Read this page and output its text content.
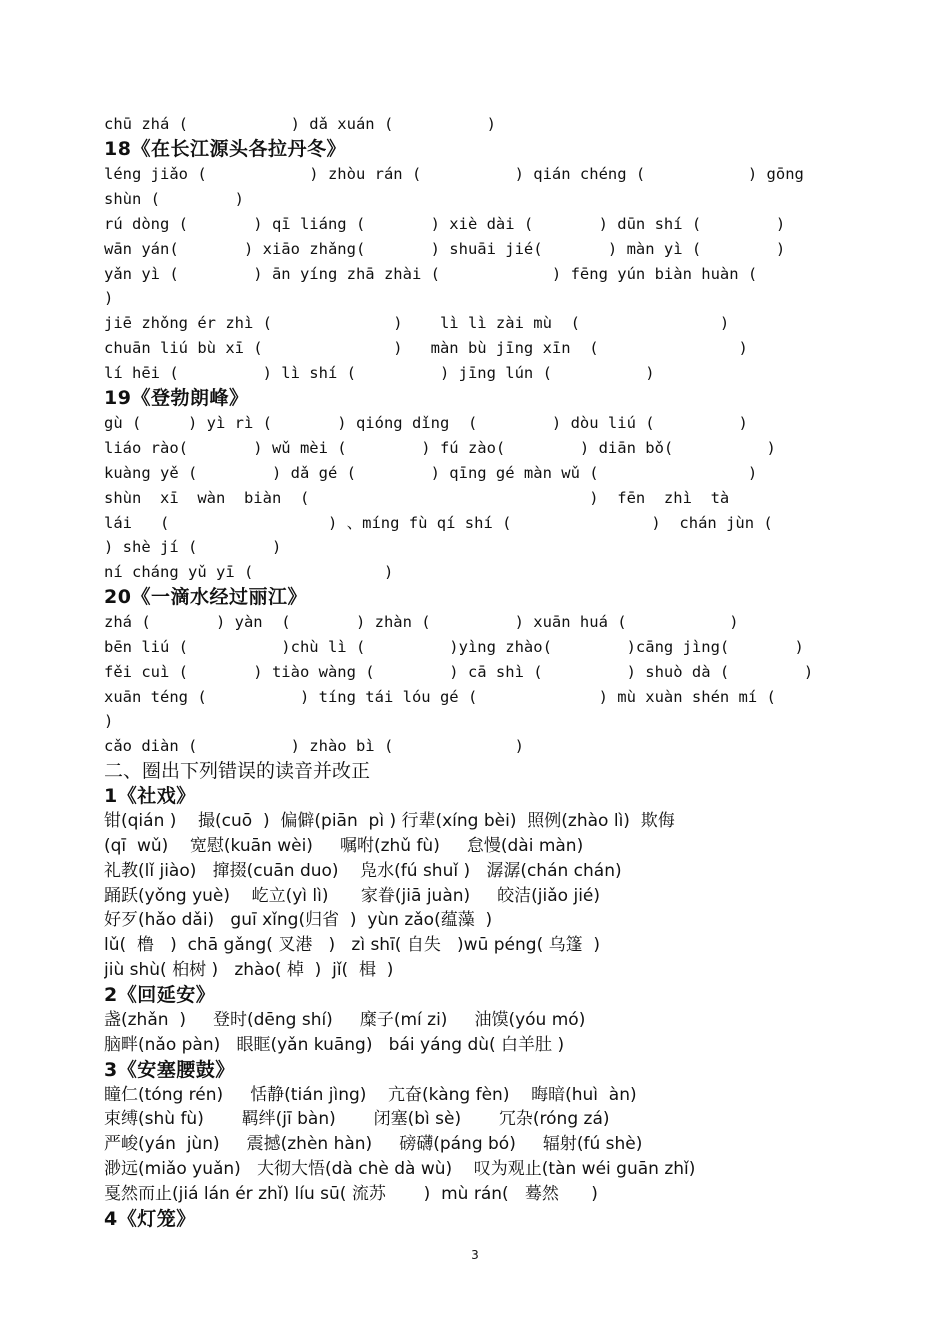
chū zhá (           ) dǎ xuán (          )
18《在长江源头各拉丹冬》
léng jiǎo (           ) zhòu rán (          ) qián chéng (           ) gōng
shùn (        )
rú dòng (       ) qī liáng (       ) xiè dài (       ) dūn shí (        )
wān yán(       ) xiāo zhǎng(       ) shuāi jié(       ) màn yì (        )
yǎn yì (        ) ān yíng zhā zhài (            ) fēng yún biàn huàn (
)
jiē zhǒng ér zhì (             )    lì lì zài mù  (               )
chuān liú bù xī (              )   màn bù jīng xīn  (               )
lí hēi (         ) lì shí (         ) jīng lún (          )
19《登勃朗峰》
gù (     ) yì rì (       ) qióng dǐng  (        ) dòu liú (         )
liáo rào(       ) wǔ mèi (        ) fú zào(        ) diān bǒ(          )
kuàng yě (        ) dǎ gé (        ) qīng gé màn wǔ (                )
shùn  xī  wàn  biàn  (                              )  fēn  zhì  tà
lái   (                 ) 、míng fù qí shí (               )  chán jùn (
) shè jí (        )
ní cháng yǔ yī (              )
20《一滴水经过丽江》
zhá (       ) yàn  (       ) zhàn (         ) xuān huá (           )
bēn liú (          )chù lì (         )yìng zhào(        )cāng jìng(       )
fěi cuì (       ) tiào wàng (        ) cā shì (         ) shuò dà (        )
xuān téng (          ) tíng tái lóu gé (             ) mù xuàn shén mí (
)
cǎo diàn (          ) zhào bì (             )
二、圈出下列错误的读音并改正
1《社戏》
钳(qián )    撮(cuō  )  偏僻(piān  pì ) 行辈(xíng bèi)  照例(zhào lì)  欺侮
(qī  wǔ)    宽慰(kuān wèi)     嘱咐(zhǔ fù)     怠慢(dài màn)
礼教(lǐ jiào)   撺掇(cuān duo)    凫水(fú shuǐ )   潺潺(chán chán)
踊跃(yǒng yuè)    屹立(yì lì)      家眷(jiā juàn)     皎洁(jiǎo jié)
好歹(hǎo dǎi)   guī xǐng(归省  )  yùn zǎo(蕴藻  )
lǔ(  橹   )  chā gǎng( 叉港   )   zì shī( 自失   )wū péng( 乌篷  )
jiù shù( 桕树 )   zhào( 棹  )  jǐ(  楫  )
2《回延安》
盏(zhǎn  )     登时(dēng shí)     糜子(mí zi)     油馍(yóu mó)
脑畔(nǎo pàn)   眼眶(yǎn kuāng)   bái yáng dù( 白羊肚 )
3《安塞腰鼓》
瞳仁(tóng rén)     恬静(tián jìng)    亢奋(kàng fèn)    晦暗(huì  àn)
束缚(shù fù)       羁绊(jī bàn)       闭塞(bì sè)       冗杂(róng zá)
严峻(yán  jùn)     震撼(zhèn hàn)     磅礴(páng bó)     辐射(fú shè)
渺远(miǎo yuǎn)   大彻大悟(dà chè dà wù)    叹为观止(tàn wéi guān zhǐ)
戛然而止(jiá lán ér zhǐ) líu sū( 流苏       )  mù rán(   蓦然      )
4《灯笼》
3
